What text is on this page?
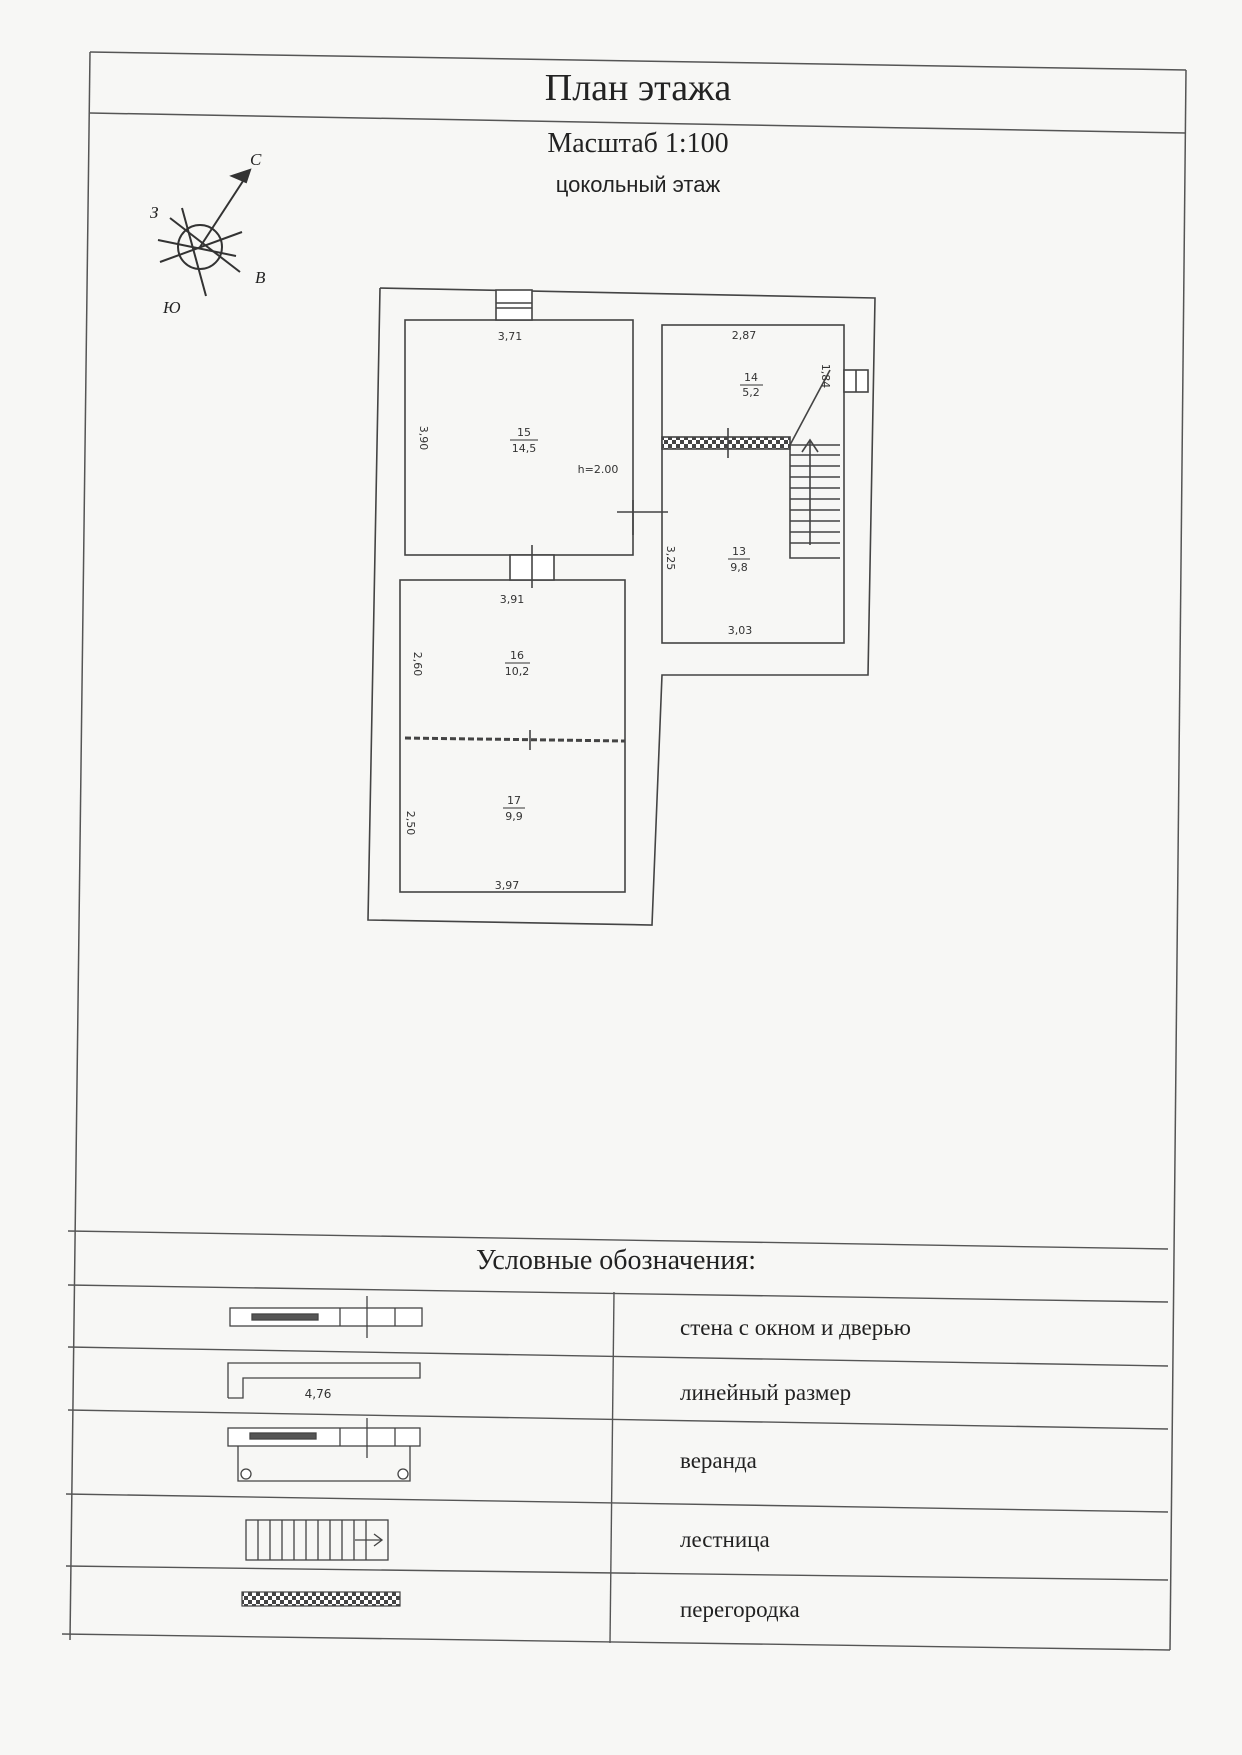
План этажа
Масштаб 1:100
цокольный этаж
С
З
В
Ю
3,71
3,90	15
14,5
h=2.00
2,87
1,84
14
5,2
3,03
3,25	13
9,8
3,91
2,60	16
10,2
3,97
2,50
17
9,9
4,76
Условные обозначения:
стена с окном и дверью
линейный размер
веранда
лестница
перегородка
